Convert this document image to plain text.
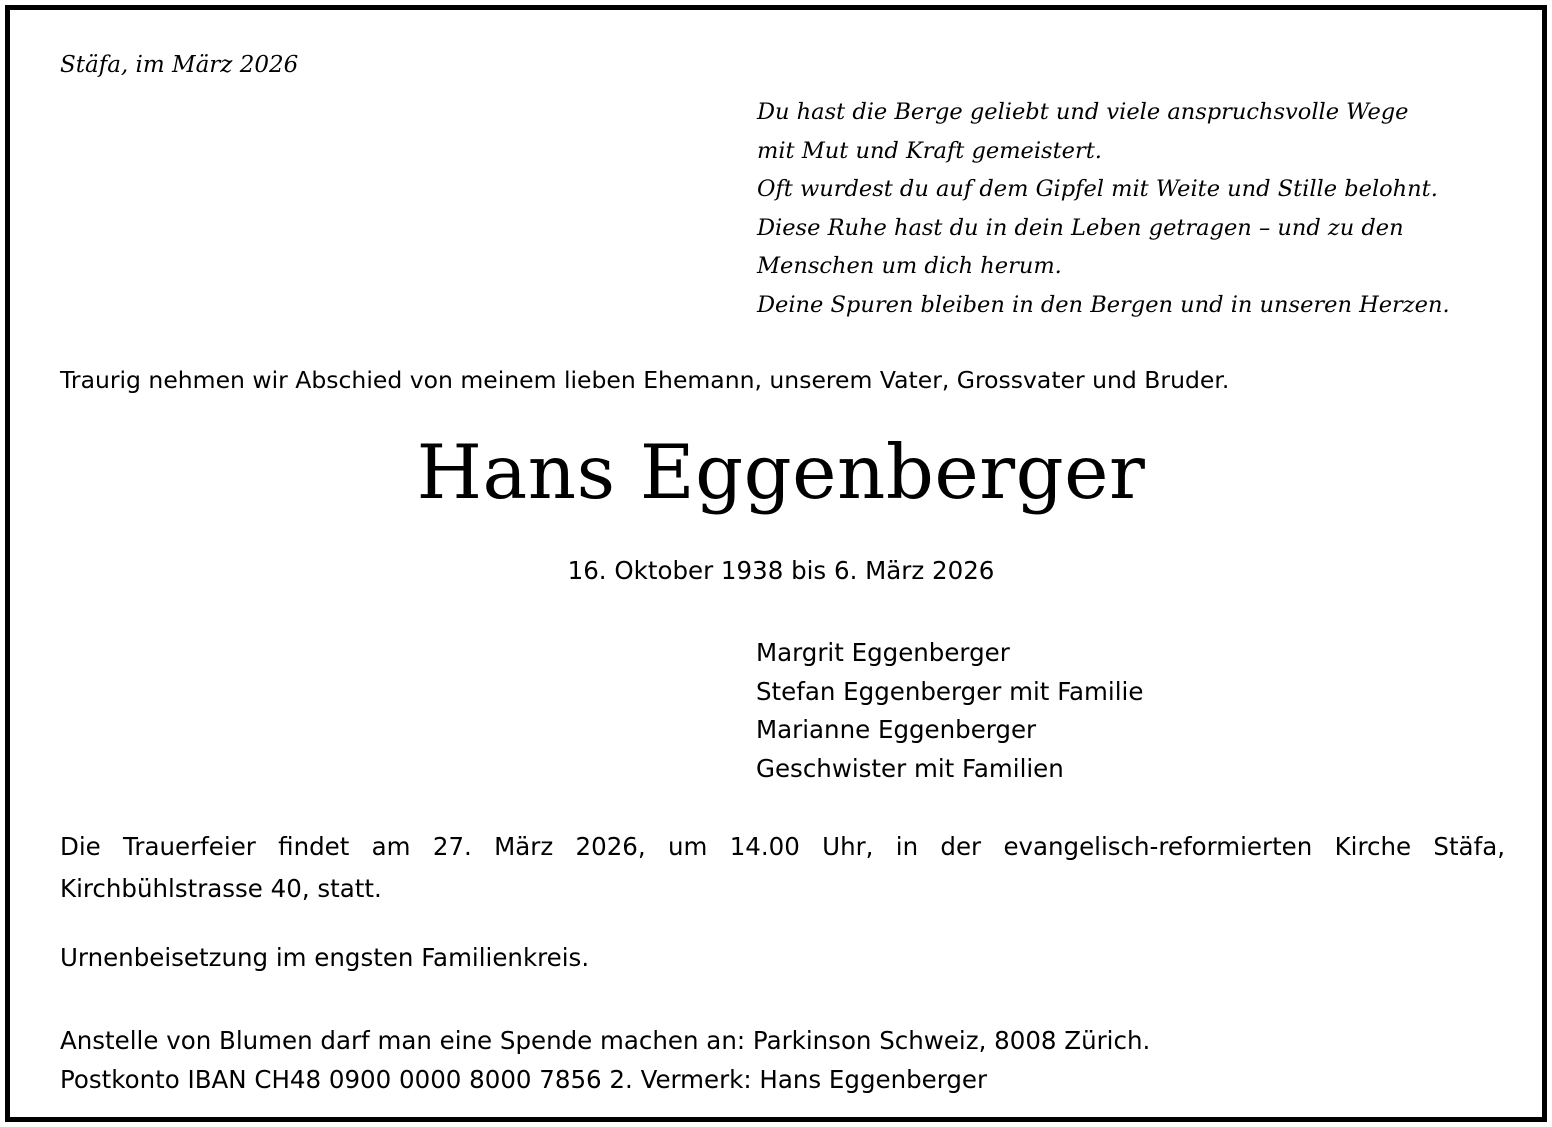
Stäfa, im März 2026
Du hast die Berge geliebt und viele anspruchsvolle Wege
mit Mut und Kraft gemeistert.
Oft wurdest du auf dem Gipfel mit Weite und Stille belohnt.
Diese Ruhe hast du in dein Leben getragen – und zu den
Menschen um dich herum.
Deine Spuren bleiben in den Bergen und in unseren Herzen.
Traurig nehmen wir Abschied von meinem lieben Ehemann, unserem Vater, Grossvater und Bruder.
Hans Eggenberger
16. Oktober 1938 bis 6. März 2026
Margrit Eggenberger
Stefan Eggenberger mit Familie
Marianne Eggenberger
Geschwister mit Familien
Die Trauerfeier findet am 27. März 2026, um 14.00 Uhr, in der evangelisch-reformierten Kirche Stäfa, Kirchbühlstrasse 40, statt.
Urnenbeisetzung im engsten Familienkreis.
Anstelle von Blumen darf man eine Spende machen an: Parkinson Schweiz, 8008 Zürich.
Postkonto IBAN CH48 0900 0000 8000 7856 2. Vermerk: Hans Eggenberger
